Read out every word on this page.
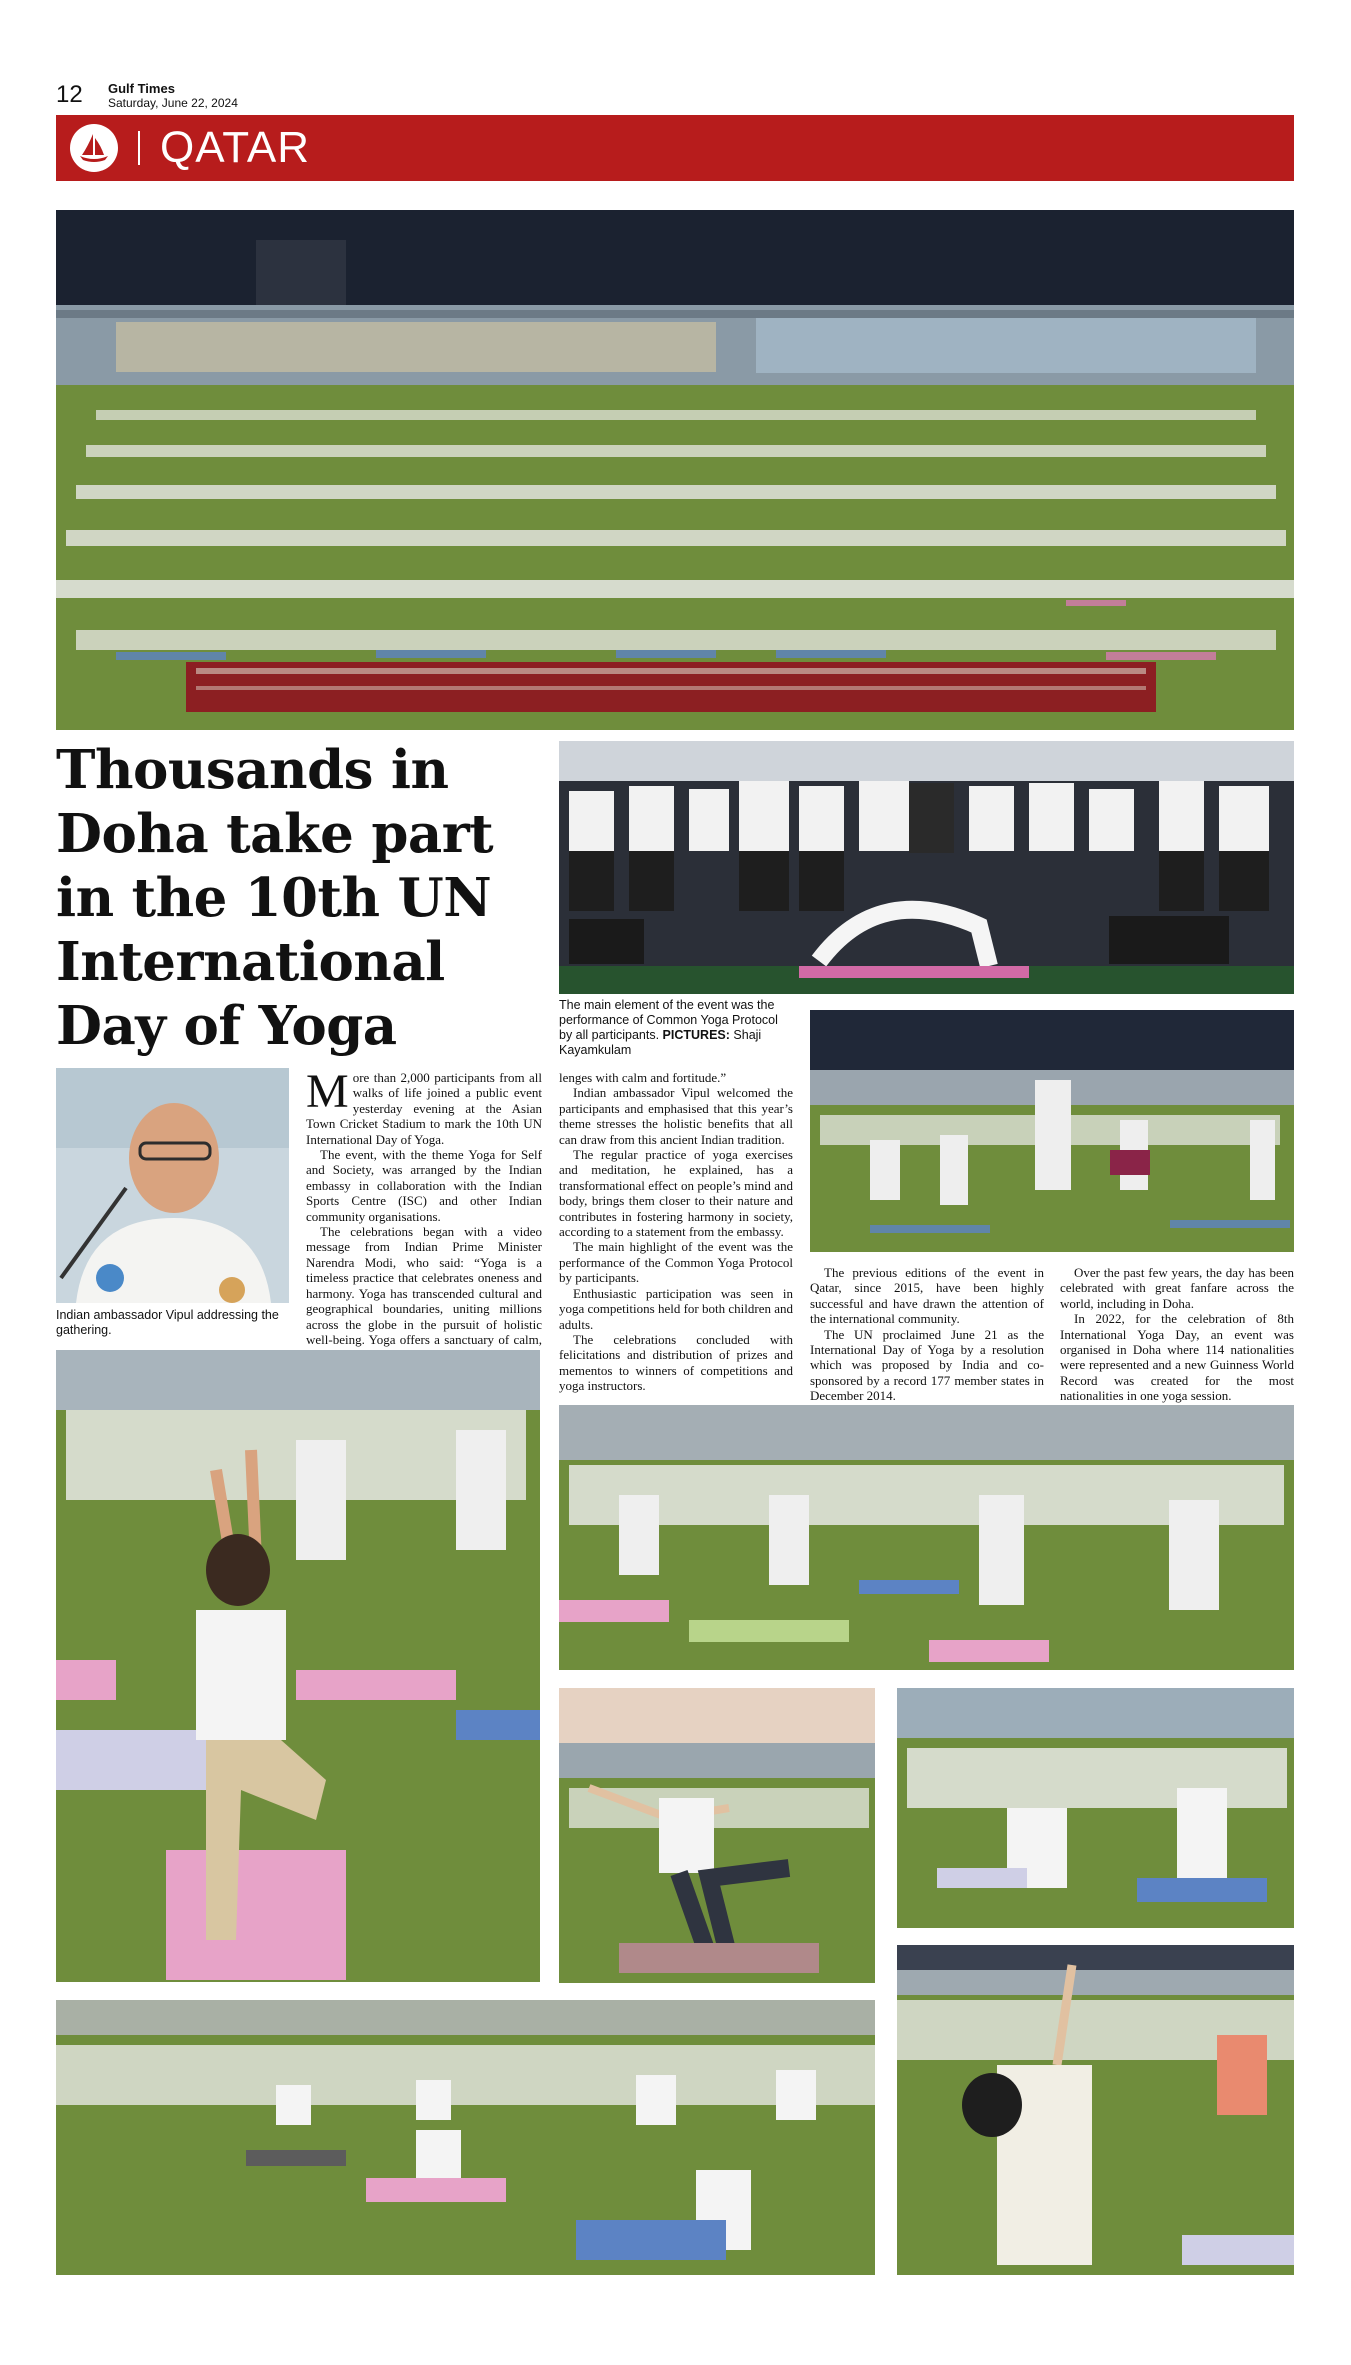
12 Gulf Times
Saturday, June 22, 2024
QATAR
Thousands in Doha take part in the 10th UN International Day of Yoga	The main element of the event was the performance of Common Yoga Protocol by all participants. PICTURES: Shaji Kayamkulam
Indian ambassador Vipul addressing the gathering.

More than 2,000 participants from all walks of life joined a public event yesterday evening at the Asian Town Cricket Stadium to mark the 10th UN International Day of Yoga.

The event, with the theme Yoga for Self and Society, was arranged by the Indian embassy in collaboration with the Indian Sports Centre (ISC) and other Indian community organisations.

The celebrations began with a video message from Indian Prime Minister Narendra Modi, who said: “Yoga is a timeless practice that celebrates oneness and harmony. Yoga has transcended cultural and geographical boundaries, uniting millions across the globe in the pursuit of holistic well-being. Yoga offers a sanctuary of calm,

lenges with calm and fortitude.”

Indian ambassador Vipul welcomed the participants and emphasised that this year’s theme stresses the holistic benefits that all can draw from this ancient Indian tradition.

The regular practice of yoga exercises and meditation, he explained, has a transformational effect on people’s mind and body, brings them closer to their nature and contributes in fostering harmony in society, according to a statement from the embassy.

The main highlight of the event was the performance of the Common Yoga Protocol by participants.

Enthusiastic participation was seen in yoga competitions held for both children and adults.

The celebrations concluded with felicitations and distribution of prizes and mementos to winners of competitions and yoga instructors.

The previous editions of the event in Qatar, since 2015, have been highly successful and have drawn the attention of the international community.

The UN proclaimed June 21 as the International Day of Yoga by a resolution which was proposed by India and co-sponsored by a record 177 member states in December 2014.

Over the past few years, the day has been celebrated with great fanfare across the world, including in Doha.

In 2022, for the celebration of 8th International Yoga Day, an event was organised in Doha where 114 nationalities were represented and a new Guinness World Record was created for the most nationalities in one yoga session.
